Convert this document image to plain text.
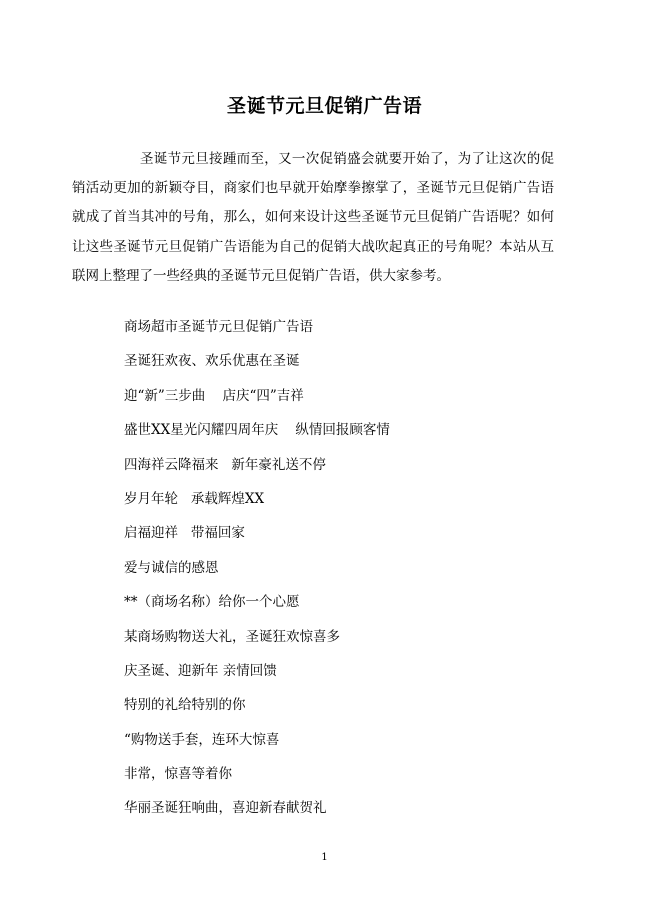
圣诞节元旦促销广告语

圣诞节元旦接踵而至，又一次促销盛会就要开始了，为了让这次的促销活动更加的新颖夺目，商家们也早就开始摩拳擦掌了，圣诞节元旦促销广告语就成了首当其冲的号角，那么，如何来设计这些圣诞节元旦促销广告语呢？如何让这些圣诞节元旦促销广告语能为自己的促销大战吹起真正的号角呢？本站从互联网上整理了一些经典的圣诞节元旦促销广告语，供大家参考。

商场超市圣诞节元旦促销广告语
圣诞狂欢夜、欢乐优惠在圣诞
迎“新”三步曲    店庆“四”吉祥
盛世XX星光闪耀四周年庆    纵情回报顾客情
四海祥云降福来   新年豪礼送不停
岁月年轮   承载辉煌XX
启福迎祥   带福回家
爱与诚信的感恩
**（商场名称）给你一个心愿
某商场购物送大礼，圣诞狂欢惊喜多
庆圣诞、迎新年 亲情回馈
特别的礼给特别的你
“购物送手套，连环大惊喜
非常，惊喜等着你
华丽圣诞狂响曲，喜迎新春献贺礼
1
